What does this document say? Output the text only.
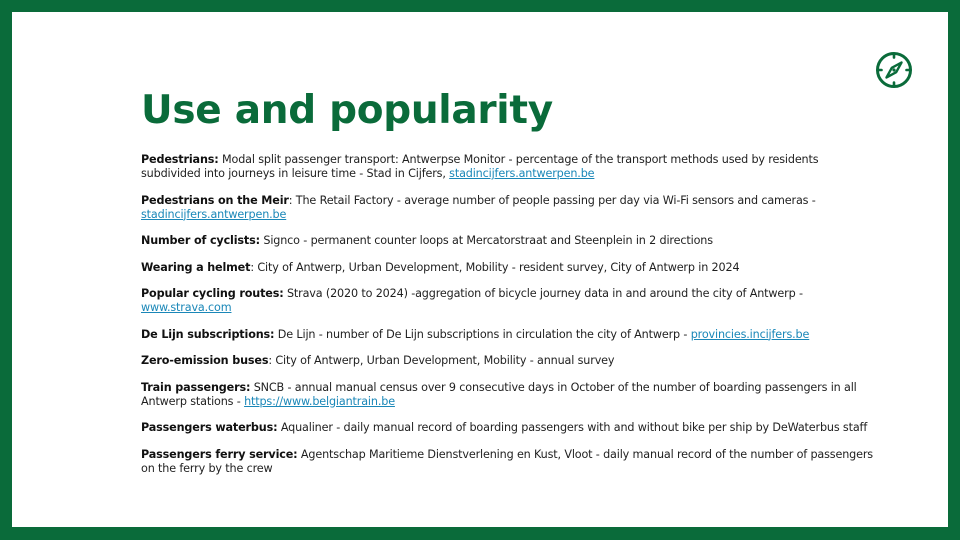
Use and popularity

Pedestrians: Modal split passenger transport: Antwerpse Monitor - percentage of the transport methods used by residents subdivided into journeys in leisure time - Stad in Cijfers, stadincijfers.antwerpen.be

Pedestrians on the Meir: The Retail Factory - average number of people passing per day via Wi-Fi sensors and cameras - stadincijfers.antwerpen.be

Number of cyclists: Signco - permanent counter loops at Mercatorstraat and Steenplein in 2 directions

Wearing a helmet: City of Antwerp, Urban Development, Mobility - resident survey, City of Antwerp in 2024

Popular cycling routes: Strava (2020 to 2024) -aggregation of bicycle journey data in and around the city of Antwerp - www.strava.com

De Lijn subscriptions: De Lijn - number of De Lijn subscriptions in circulation the city of Antwerp - provincies.incijfers.be

Zero-emission buses: City of Antwerp, Urban Development, Mobility - annual survey

Train passengers: SNCB - annual manual census over 9 consecutive days in October of the number of boarding passengers in all Antwerp stations - https://www.belgiantrain.be

Passengers waterbus: Aqualiner - daily manual record of boarding passengers with and without bike per ship by DeWaterbus staff

Passengers ferry service: Agentschap Maritieme Dienstverlening en Kust, Vloot - daily manual record of the number of passengers on the ferry by the crew
